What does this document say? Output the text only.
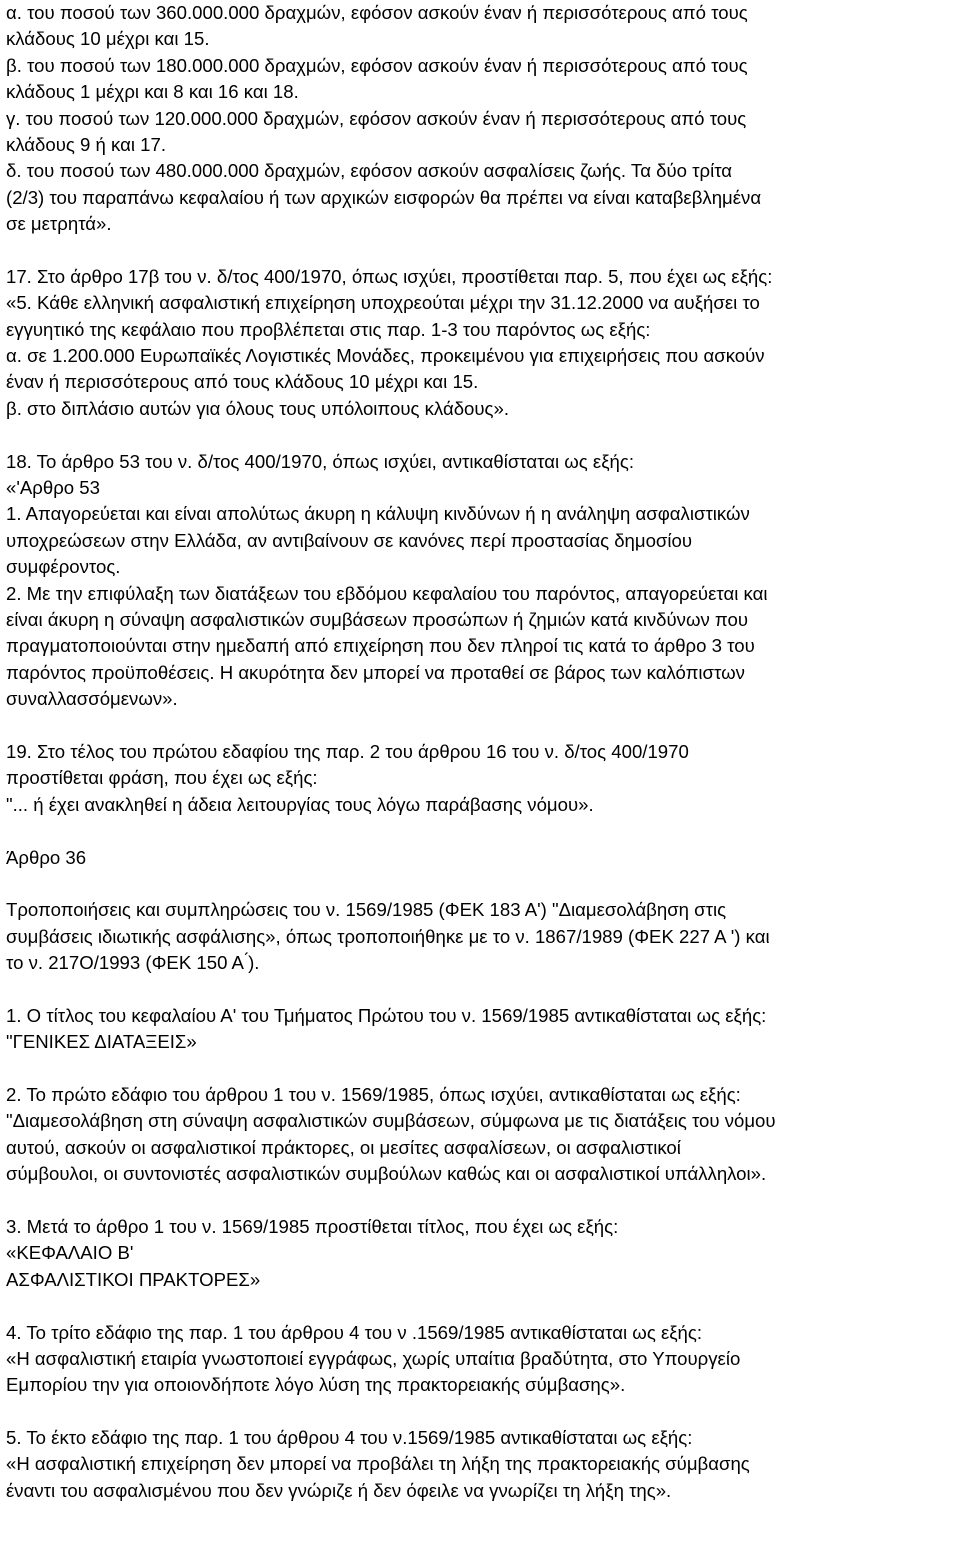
α. του ποσού των 360.000.000 δραχμών, εφόσον ασκούν έναν ή περισσότερους από τους
κλάδους 10 μέχρι και 15.
β. του ποσού των 180.000.000 δραχμών, εφόσον ασκούν έναν ή περισσότερους από τους
κλάδους 1 μέχρι και 8 και 16 και 18.
γ. του ποσού των 120.000.000 δραχμών, εφόσον ασκούν έναν ή περισσότερους από τους
κλάδους 9 ή και 17.
δ. του ποσού των 480.000.000 δραχμών, εφόσον ασκούν ασφαλίσεις ζωής. Τα δύο τρίτα
(2/3) του παραπάνω κεφαλαίου ή των αρχικών εισφορών θα πρέπει να είναι καταβεβλημένα
σε μετρητά».
17. Στο άρθρο 17β του ν. δ/τος 400/1970, όπως ισχύει, προστίθεται παρ. 5, που έχει ως εξής:
«5. Κάθε ελληνική ασφαλιστική επιχείρηση υποχρεούται μέχρι την 31.12.2000 να αυξήσει το
εγγυητικό της κεφάλαιο που προβλέπεται στις παρ. 1-3 του παρόντος ως εξής:
α. σε 1.200.000 Ευρωπαϊκές Λογιστικές Μονάδες, προκειμένου για επιχειρήσεις που ασκούν
έναν ή περισσότερους από τους κλάδους 10 μέχρι και 15.
β. στο διπλάσιο αυτών για όλους τους υπόλοιπους κλάδους».
18. Το άρθρο 53 του ν. δ/τος 400/1970, όπως ισχύει, αντικαθίσταται ως εξής:
«'Αρθρο 53
1. Απαγορεύεται και είναι απολύτως άκυρη η κάλυψη κινδύνων ή η ανάληψη ασφαλιστικών
υποχρεώσεων στην Ελλάδα, αν αντιβαίνουν σε κανόνες περί προστασίας δημοσίου
συμφέροντος.
2. Με την επιφύλαξη των διατάξεων του εβδόμου κεφαλαίου του παρόντος, απαγορεύεται και
είναι άκυρη η σύναψη ασφαλιστικών συμβάσεων προσώπων ή ζημιών κατά κινδύνων που
πραγματοποιούνται στην ημεδαπή από επιχείρηση που δεν πληροί τις κατά το άρθρο 3 του
παρόντος προϋποθέσεις. Η ακυρότητα δεν μπορεί να προταθεί σε βάρος των καλόπιστων
συναλλασσόμενων».
19. Στο τέλος του πρώτου εδαφίου της παρ. 2 του άρθρου 16 του ν. δ/τος 400/1970
προστίθεται φράση, που έχει ως εξής:
"... ή έχει ανακληθεί η άδεια λειτουργίας τους λόγω παράβασης νόμου».
Άρθρο 36
Τροποποιήσεις και συμπληρώσεις του ν. 1569/1985 (ΦΕΚ 183 Α') "Διαμεσολάβηση στις
συμβάσεις ιδιωτικής ασφάλισης», όπως τροποποιήθηκε με το ν. 1867/1989 (ΦΕΚ 227 Α ') και
το ν. 217Ο/1993 (ΦΕΚ 150 Α ́).
1. Ο τίτλος του κεφαλαίου Α' του Τμήματος Πρώτου του ν. 1569/1985 αντικαθίσταται ως εξής:
"ΓΕΝΙΚΕΣ ΔΙΑΤΑΞΕΙΣ»
2. Το πρώτο εδάφιο του άρθρου 1 του ν. 1569/1985, όπως ισχύει, αντικαθίσταται ως εξής:
"Διαμεσολάβηση στη σύναψη ασφαλιστικών συμβάσεων, σύμφωνα με τις διατάξεις του νόμου
αυτού, ασκούν οι ασφαλιστικοί πράκτορες, οι μεσίτες ασφαλίσεων, οι ασφαλιστικοί
σύμβουλοι, οι συντονιστές ασφαλιστικών συμβούλων καθώς και οι ασφαλιστικοί υπάλληλοι».
3. Μετά το άρθρο 1 του ν. 1569/1985 προστίθεται τίτλος, που έχει ως εξής:
«ΚΕΦΑΛΑΙΟ Β'
ΑΣΦΑΛΙΣΤΙΚΟΙ ΠΡΑΚΤΟΡΕΣ»
4. Το τρίτο εδάφιο της παρ. 1 του άρθρου 4 του ν .1569/1985 αντικαθίσταται ως εξής:
«Η ασφαλιστική εταιρία γνωστοποιεί εγγράφως, χωρίς υπαίτια βραδύτητα, στο Υπουργείο
Εμπορίου την για οποιονδήποτε λόγο λύση της πρακτορειακής σύμβασης».
5. Το έκτο εδάφιο της παρ. 1 του άρθρου 4 του ν.1569/1985 αντικαθίσταται ως εξής:
«Η ασφαλιστική επιχείρηση δεν μπορεί να προβάλει τη λήξη της πρακτορειακής σύμβασης
έναντι του ασφαλισμένου που δεν γνώριζε ή δεν όφειλε να γνωρίζει τη λήξη της».
